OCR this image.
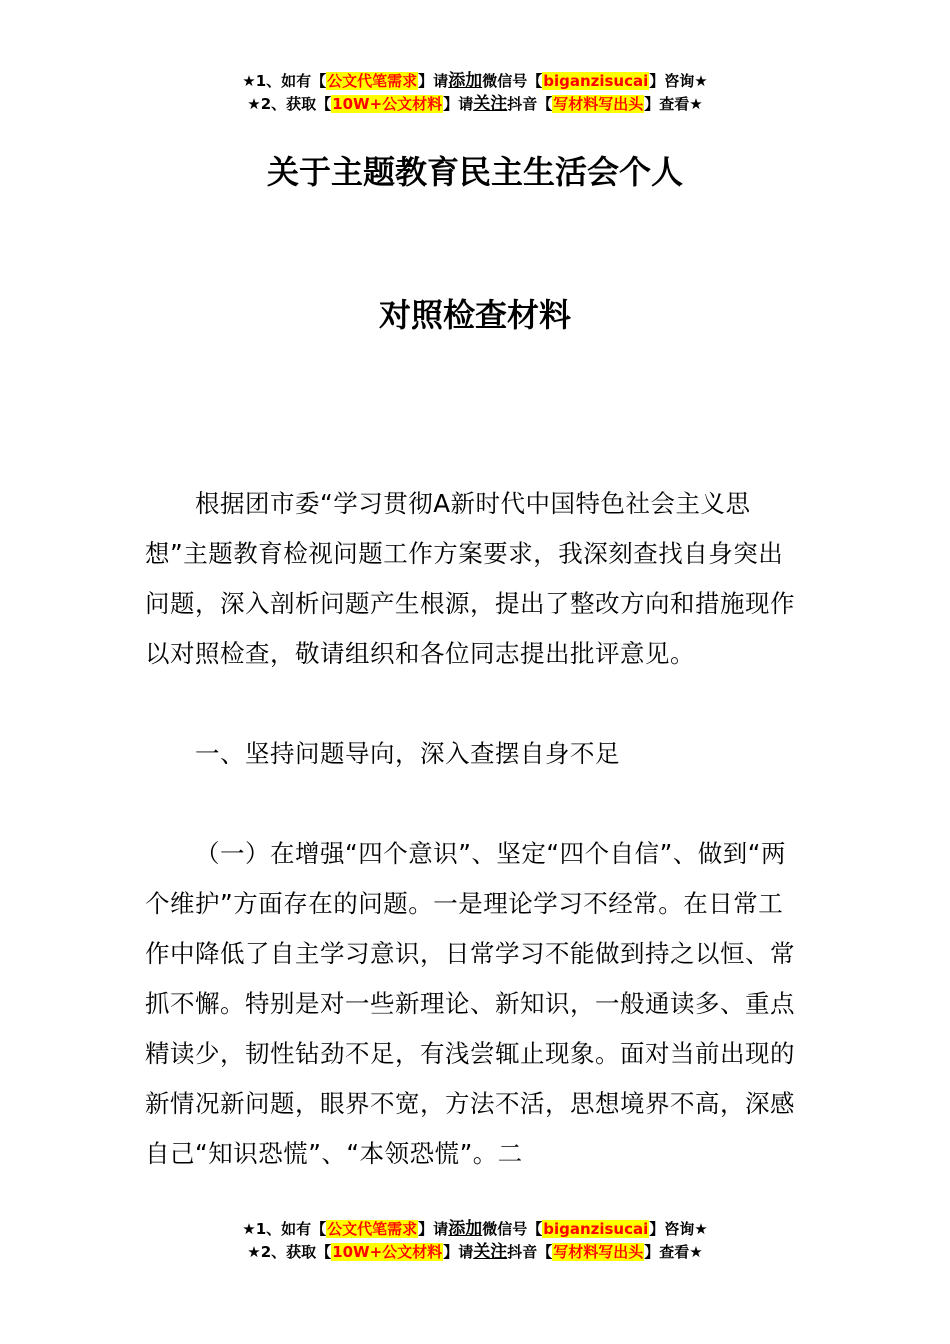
★1、如有【公文代笔需求】请添加微信号【biganzisucai】咨询★
★2、获取【10W+公文材料】请关注抖音【写材料写出头】查看★
关于主题教育民主生活会个人
对照检查材料

根据团市委“学习贯彻A新时代中国特色社会主义思想”主题教育检视问题工作方案要求，我深刻查找自身突出问题，深入剖析问题产生根源，提出了整改方向和措施现作以对照检查，敬请组织和各位同志提出批评意见。

一、坚持问题导向，深入查摆自身不足

（一）在增强“四个意识”、坚定“四个自信”、做到“两个维护”方面存在的问题。一是理论学习不经常。在日常工作中降低了自主学习意识，日常学习不能做到持之以恒、常抓不懈。特别是对一些新理论、新知识，一般通读多、重点精读少，韧性钻劲不足，有浅尝辄止现象。面对当前出现的新情况新问题，眼界不宽，方法不活，思想境界不高，深感自己“知识恐慌”、“本领恐慌”。二

★1、如有【公文代笔需求】请添加微信号【biganzisucai】咨询★
★2、获取【10W+公文材料】请关注抖音【写材料写出头】查看★
